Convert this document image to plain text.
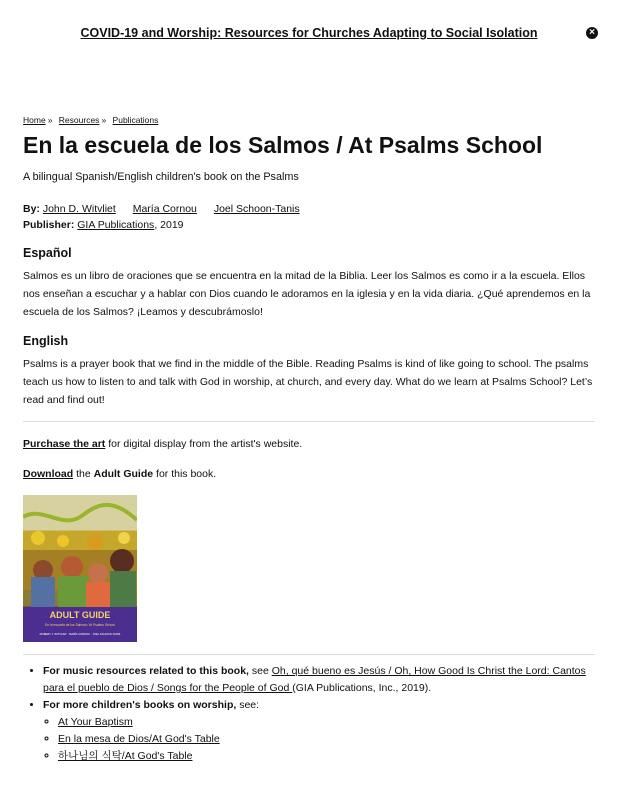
COVID-19 and Worship: Resources for Churches Adapting to Social Isolation	×
Home » Resources » Publications
En la escuela de los Salmos / At Psalms School
A bilingual Spanish/English children's book on the Psalms
By: John D. Witvliet María Cornou Joel Schoon-Tanis
Publisher: GIA Publications, 2019
Español

Salmos es un libro de oraciones que se encuentra en la mitad de la Biblia. Leer los Salmos es como ir a la escuela. Ellos nos enseñan a escuchar y a hablar con Dios cuando le adoramos en la iglesia y en la vida diaria. ¿Qué aprendemos en la escuela de los Salmos? ¡Leamos y descubrámoslo!

English

Psalms is a prayer book that we find in the middle of the Bible. Reading Psalms is kind of like going to school. The psalms teach us how to listen to and talk with God in worship, at church, and every day. What do we learn at Psalms School? Let’s read and find out!

Purchase the art for digital display from the artist's website.

Download the Adult Guide for this book.

ADULT GUIDE
En la escuela de los Salmos / At Psalms School
ROBERT J. WITVLIET · MARÍA CORNOU · JOEL SCHOON-TANIS
• For music resources related to this book, see Oh, qué bueno es Jesús / Oh, How Good Is Christ the Lord: Cantos para el pueblo de Dios / Songs for the People of God (GIA Publications, Inc., 2019).
• For more children's books on worship, see:
◦ At Your Baptism
◦ En la mesa de Dios/At God's Table
◦ 하나님의 식탁/At God's Table
